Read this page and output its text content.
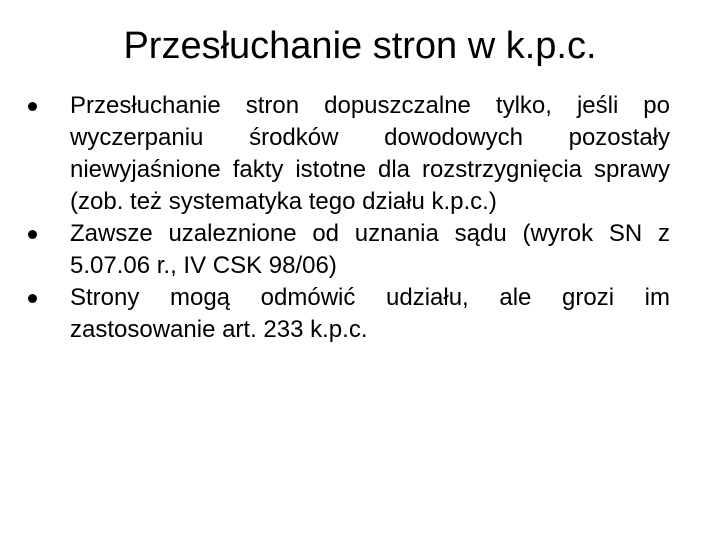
Przesłuchanie stron w k.p.c.
Przesłuchanie stron dopuszczalne tylko, jeśli po wyczerpaniu środków dowodowych pozostały niewyjaśnione fakty istotne dla rozstrzygnięcia sprawy (zob. też systematyka tego działu k.p.c.)
Zawsze uzaleznione od uznania sądu (wyrok SN z 5.07.06 r., IV CSK 98/06)
Strony mogą odmówić udziału, ale grozi im zastosowanie art. 233 k.p.c.
